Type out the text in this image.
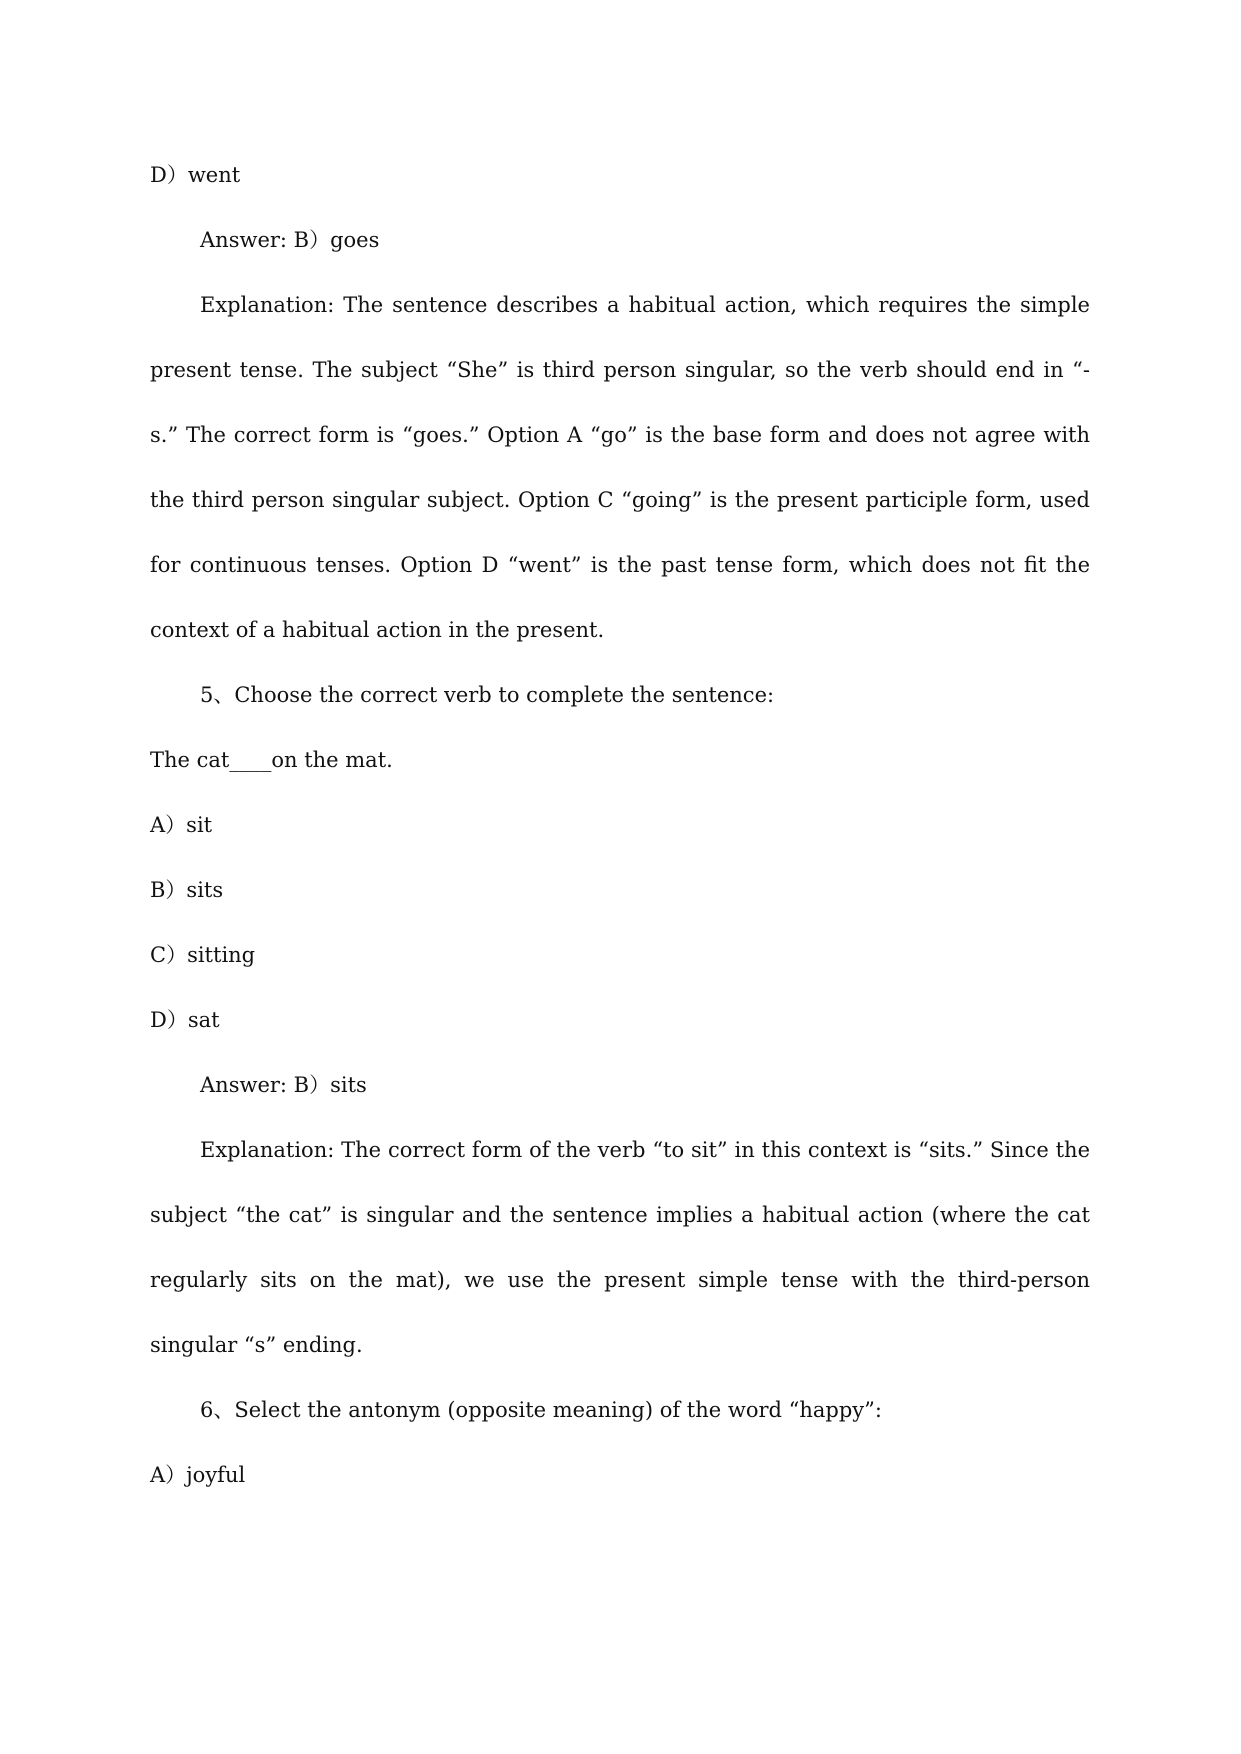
D）went

Answer: B）goes

Explanation: The sentence describes a habitual action, which requires the simple present tense. The subject “She” is third person singular, so the verb should end in “-s.” The correct form is “goes.” Option A “go” is the base form and does not agree with the third person singular subject. Option C “going” is the present participle form, used for continuous tenses. Option D “went” is the past tense form, which does not fit the context of a habitual action in the present.

5、Choose the correct verb to complete the sentence:

The cat____on the mat.

A）sit

B）sits

C）sitting

D）sat

Answer: B）sits

Explanation: The correct form of the verb “to sit” in this context is “sits.” Since the subject “the cat” is singular and the sentence implies a habitual action (where the cat regularly sits on the mat), we use the present simple tense with the third-person singular “s” ending.

6、Select the antonym (opposite meaning) of the word “happy”:

A）joyful
